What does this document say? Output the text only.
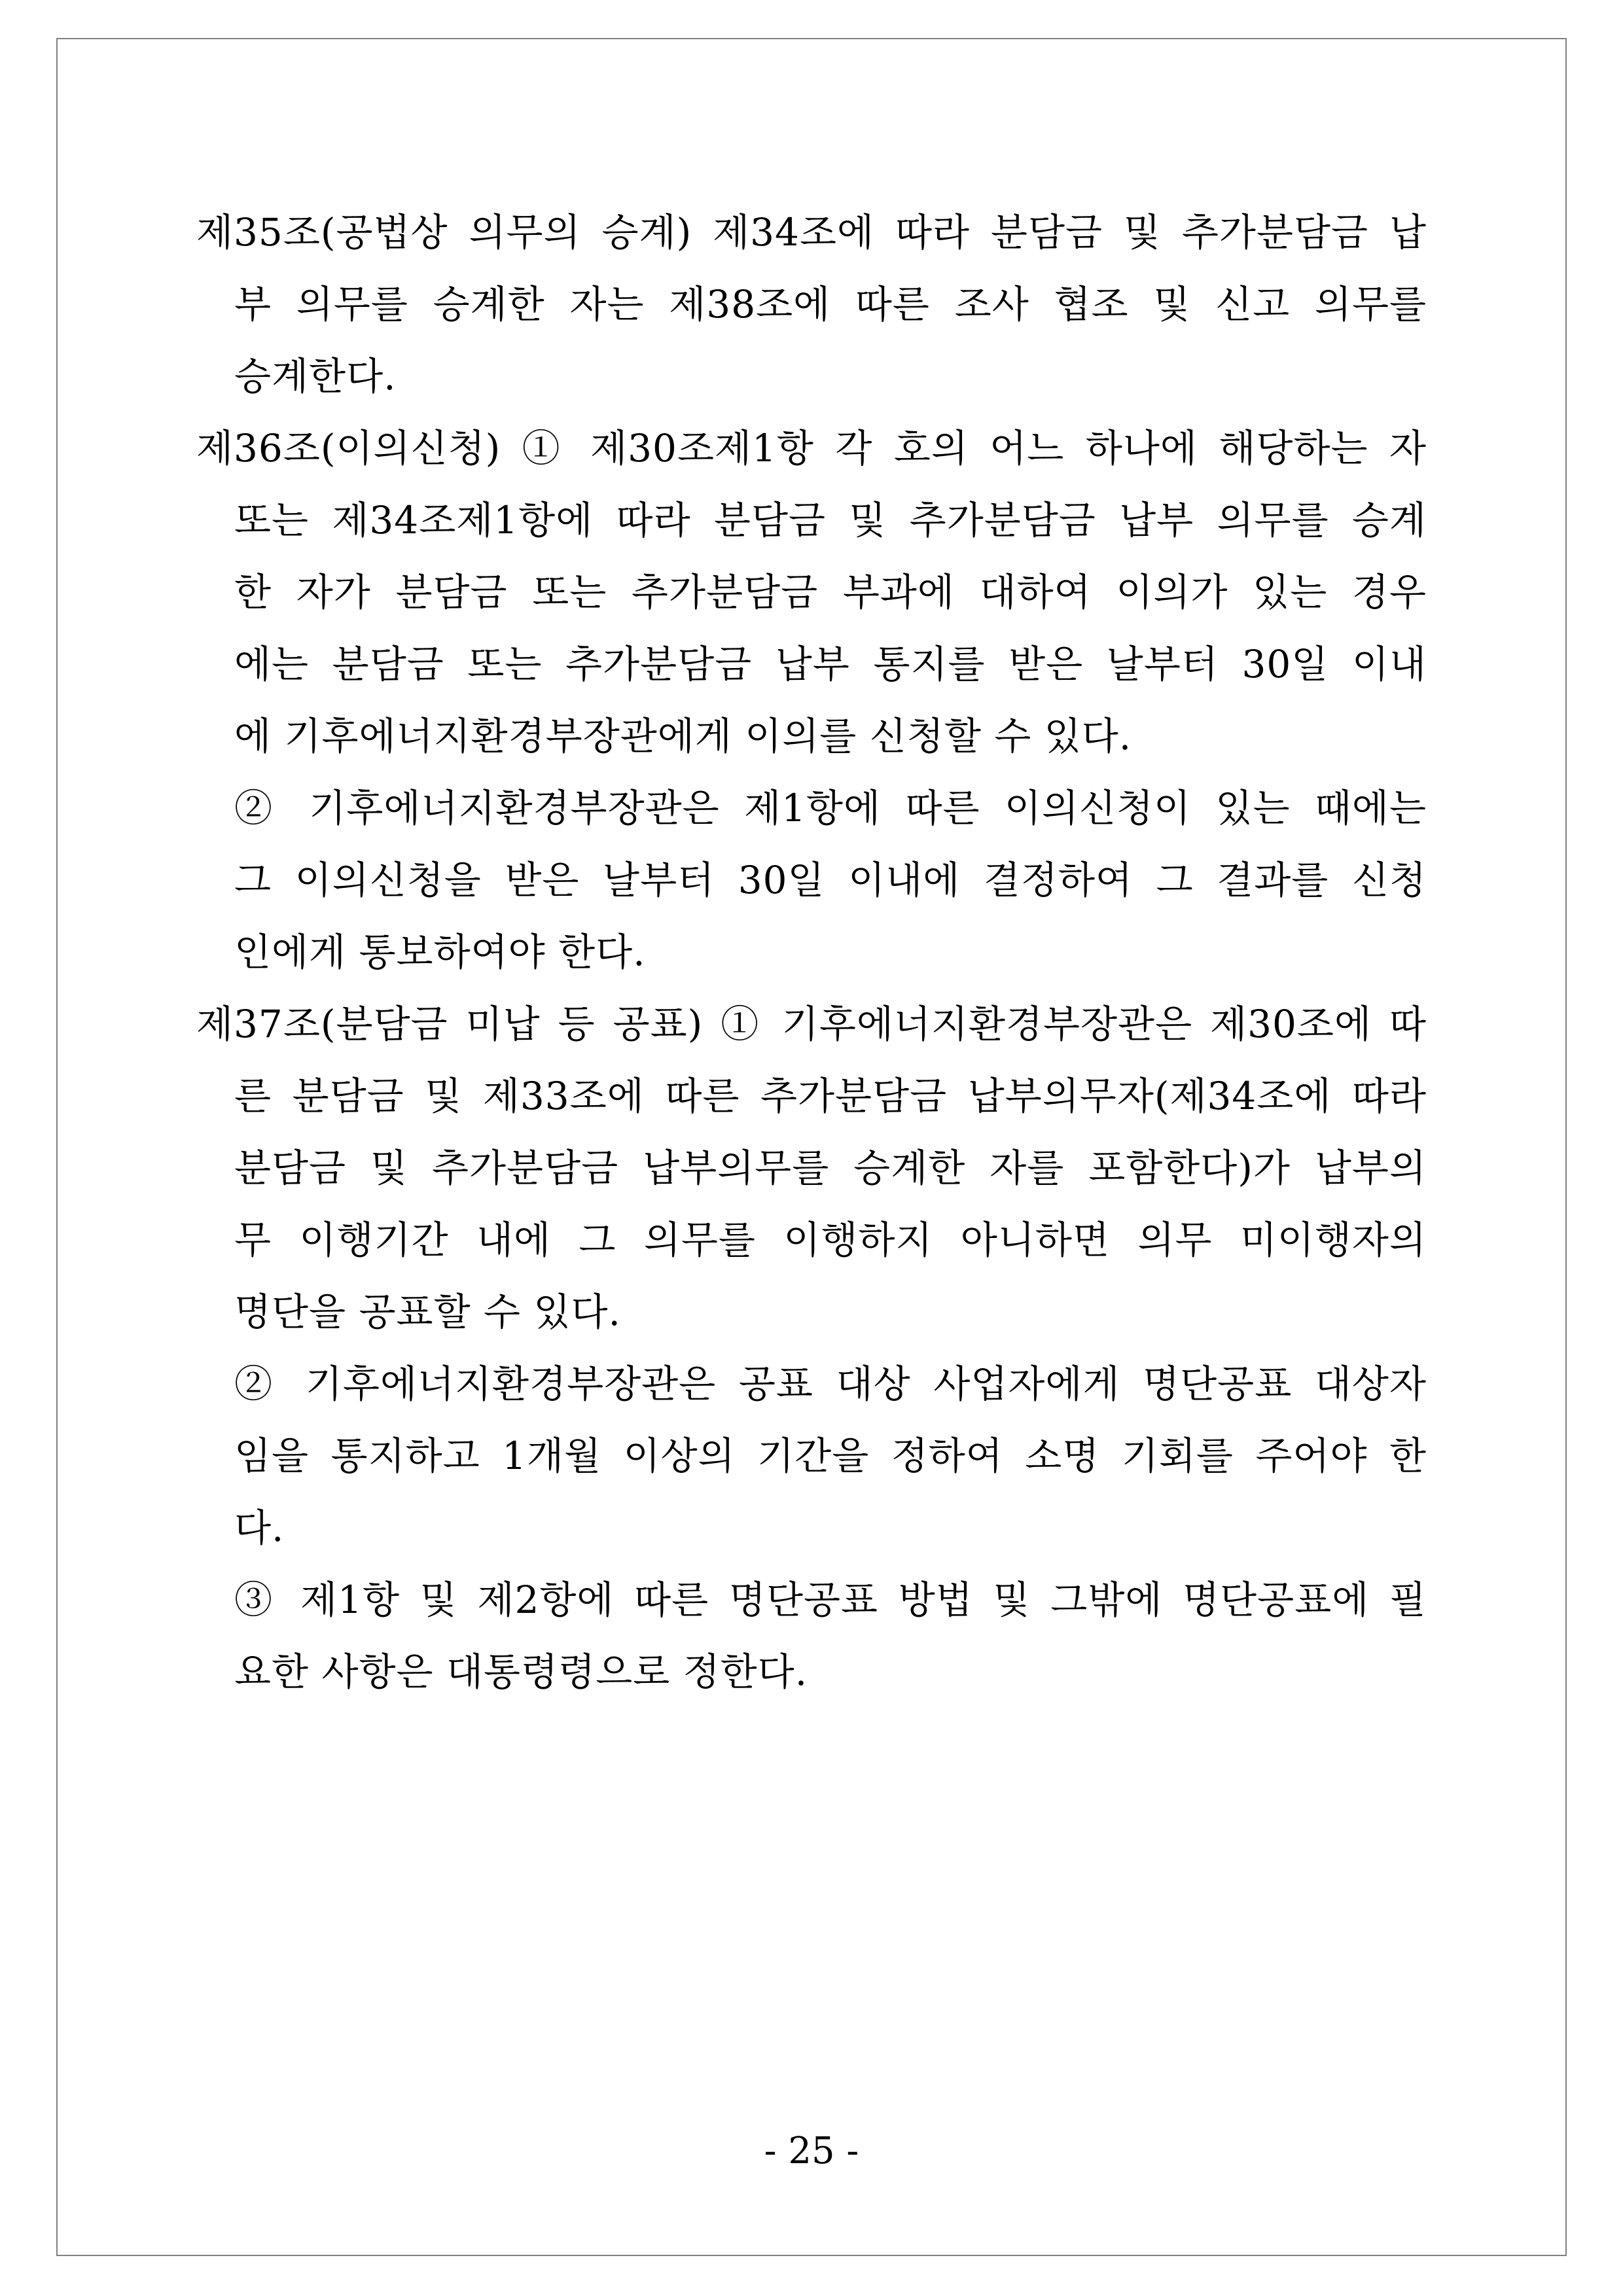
제35조(공법상 의무의 승계) 제34조에 따라 분담금 및 추가분담금 납
부 의무를 승계한 자는 제38조에 따른 조사 협조 및 신고 의무를
승계한다.
제36조(이의신청) ① 제30조제1항 각 호의 어느 하나에 해당하는 자
또는 제34조제1항에 따라 분담금 및 추가분담금 납부 의무를 승계
한 자가 분담금 또는 추가분담금 부과에 대하여 이의가 있는 경우
에는 분담금 또는 추가분담금 납부 통지를 받은 날부터 30일 이내
에 기후에너지환경부장관에게 이의를 신청할 수 있다.
② 기후에너지환경부장관은 제1항에 따른 이의신청이 있는 때에는
그 이의신청을 받은 날부터 30일 이내에 결정하여 그 결과를 신청
인에게 통보하여야 한다.
제37조(분담금 미납 등 공표) ① 기후에너지환경부장관은 제30조에 따
른 분담금 및 제33조에 따른 추가분담금 납부의무자(제34조에 따라
분담금 및 추가분담금 납부의무를 승계한 자를 포함한다)가 납부의
무 이행기간 내에 그 의무를 이행하지 아니하면 의무 미이행자의
명단을 공표할 수 있다.
② 기후에너지환경부장관은 공표 대상 사업자에게 명단공표 대상자
임을 통지하고 1개월 이상의 기간을 정하여 소명 기회를 주어야 한
다.
③ 제1항 및 제2항에 따른 명단공표 방법 및 그밖에 명단공표에 필
요한 사항은 대통령령으로 정한다.
- 25 -
